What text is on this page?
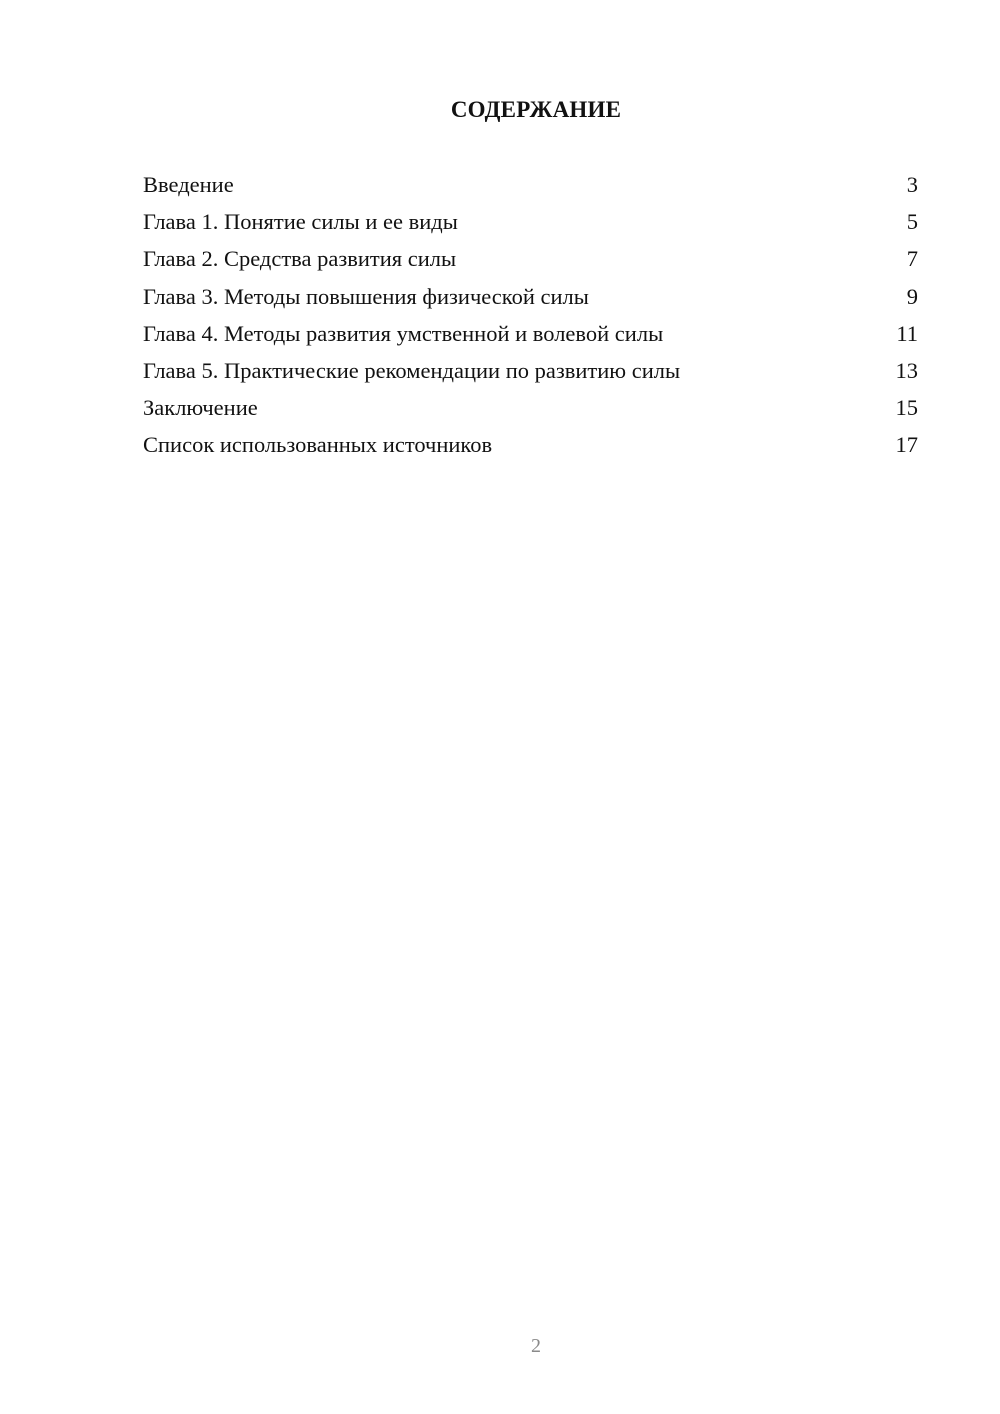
СОДЕРЖАНИЕ
Введение	3
Глава 1. Понятие силы и ее виды	5
Глава 2. Средства развития силы	7
Глава 3. Методы повышения физической силы	9
Глава 4. Методы развития умственной и волевой силы	11
Глава 5. Практические рекомендации по развитию силы	13
Заключение	15
Список использованных источников	17
2
